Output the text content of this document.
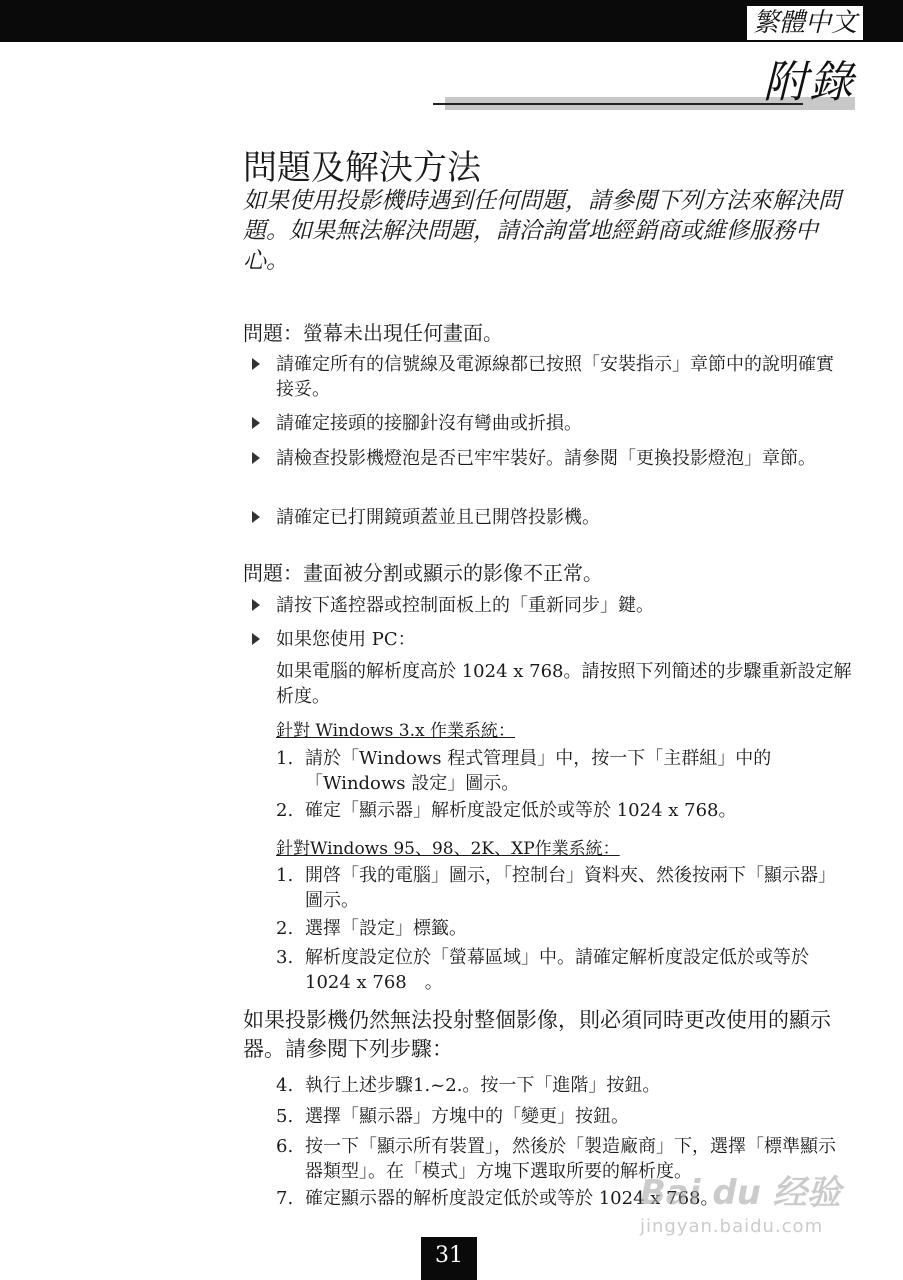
繁體中文
附錄
問題及解決方法
如果使用投影機時遇到任何問題，請參閱下列方法來解決問題。如果無法解決問題，請洽詢當地經銷商或維修服務中心。
問題：螢幕未出現任何畫面。
請確定所有的信號線及電源線都已按照「安裝指示」章節中的說明確實接妥。
請確定接頭的接腳針沒有彎曲或折損。
請檢查投影機燈泡是否已牢牢裝好。請參閱「更換投影燈泡」章節。
請確定已打開鏡頭蓋並且已開啓投影機。
問題：畫面被分割或顯示的影像不正常。
請按下遙控器或控制面板上的「重新同步」鍵。
如果您使用 PC：
如果電腦的解析度高於 1024 x 768。請按照下列簡述的步驟重新設定解析度。
針對 Windows 3.x 作業系統：
1. 請於「Windows 程式管理員」中，按一下「主群組」中的「Windows 設定」圖示。
2. 確定「顯示器」解析度設定低於或等於 1024 x 768。
針對Windows 95、98、2K、XP作業系統：
1. 開啓「我的電腦」圖示，「控制台」資料夾、然後按兩下「顯示器」圖示。
2. 選擇「設定」標籤。
3. 解析度設定位於「螢幕區域」中。請確定解析度設定低於或等於 1024 x 768　。
如果投影機仍然無法投射整個影像，則必須同時更改使用的顯示器。請參閱下列步驟：
4. 執行上述步驟1.~2.。按一下「進階」按鈕。
5. 選擇「顯示器」方塊中的「變更」按鈕。
6. 按一下「顯示所有裝置」，然後於「製造廠商」下，選擇「標準顯示器類型」。在「模式」方塊下選取所要的解析度。
7. 確定顯示器的解析度設定低於或等於 1024 x 768。
Bai du 经验
jingyan.baidu.com
31
